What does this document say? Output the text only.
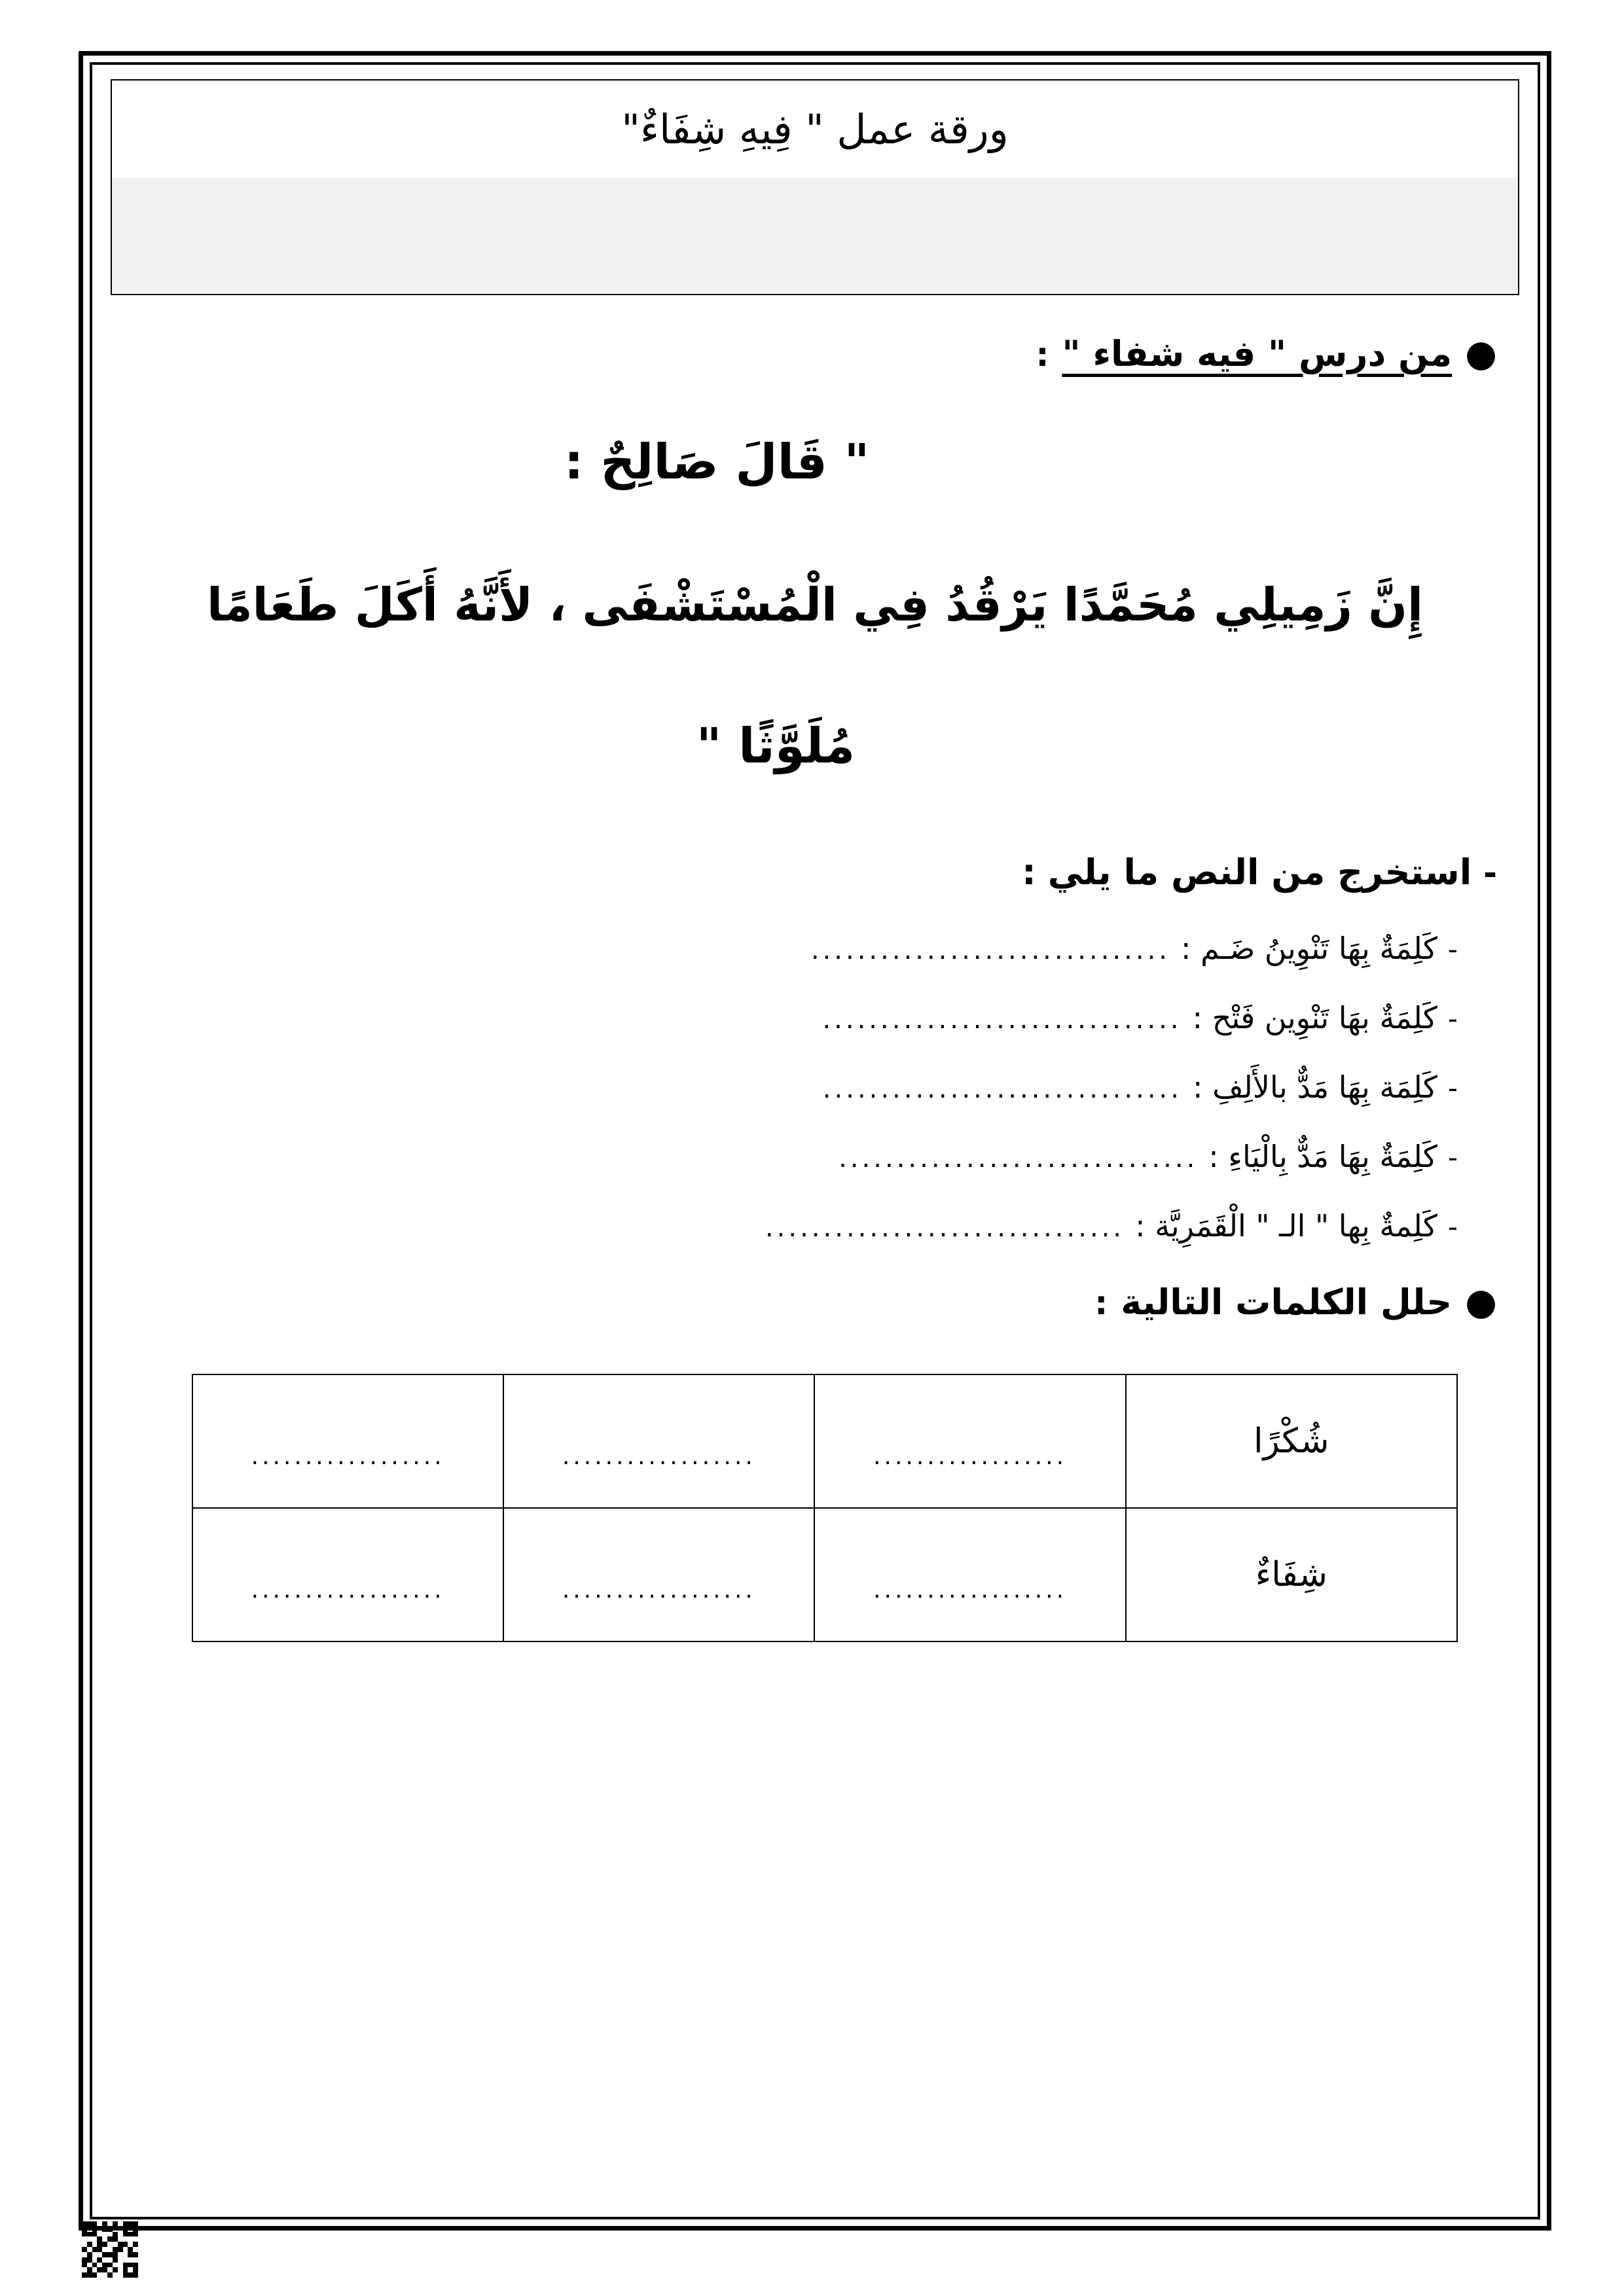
ورقة عمل " فِيهِ شِفَاءٌ"
●
من درس " فيه شفاء "
:
" قَالَ صَالِحٌ :
إِنَّ زَمِيلِي مُحَمَّدًا يَرْقُدُ فِي الْمُسْتَشْفَى ، لأَنَّهُ أَكَلَ طَعَامًا
مُلَوَّثًا "
-
استخرج من النص ما يلي
:
-
كَلِمَةٌ بِهَا تَنْوِينُ ضَـم :
...............................
-
كَلِمَةٌ بهَا تَنْوِين فَتْح :
...............................
-
كَلِمَة بِهَا مَدٌّ بالأَلِفِ :
...............................
-
كَلِمَةٌ بِهَا مَدٌّ بِالْيَاءِ :
...............................
-
كَلِمةٌ بِها " الـ " الْقَمَرِيَّة :
...............................
●
حلل الكلمات التالية
:
شُكْرًا	..................	..................	..................

شِفَاءٌ	..................	..................	..................
